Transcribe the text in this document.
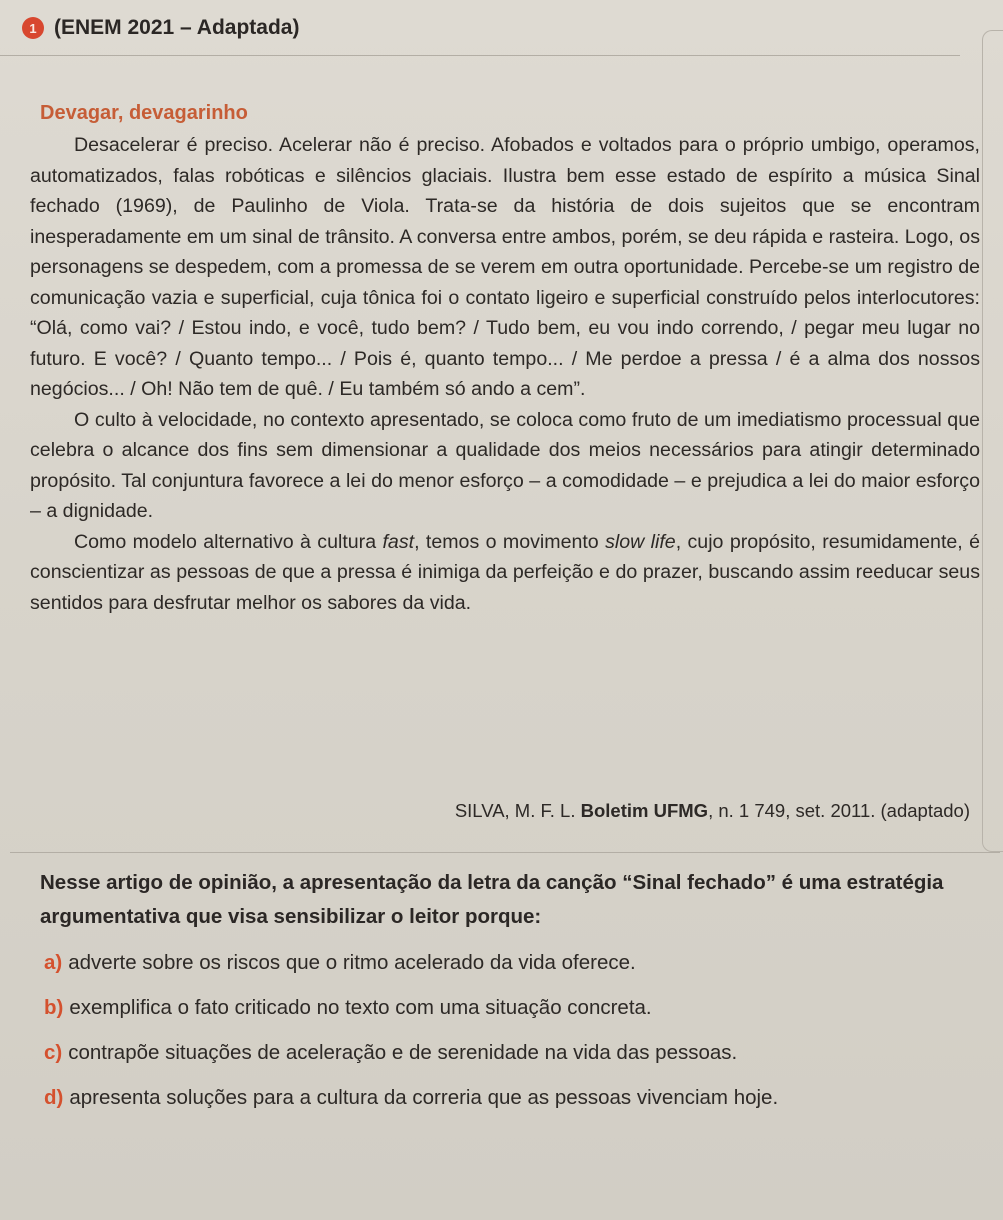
1 (ENEM 2021 – Adaptada)
Devagar, devagarinho

Desacelerar é preciso. Acelerar não é preciso. Afobados e voltados para o próprio umbigo, operamos, automatizados, falas robóticas e silêncios glaciais. Ilustra bem esse estado de espírito a música Sinal fechado (1969), de Paulinho de Viola. Trata-se da história de dois sujeitos que se encontram inesperadamente em um sinal de trânsito. A conversa entre ambos, porém, se deu rápida e rasteira. Logo, os personagens se despedem, com a promessa de se verem em outra oportunidade. Percebe-se um registro de comunicação vazia e superficial, cuja tônica foi o contato ligeiro e superficial construído pelos interlocutores: “Olá, como vai? / Estou indo, e você, tudo bem? / Tudo bem, eu vou indo correndo, / pegar meu lugar no futuro. E você? / Quanto tempo... / Pois é, quanto tempo... / Me perdoe a pressa / é a alma dos nossos negócios... / Oh! Não tem de quê. / Eu também só ando a cem”.

O culto à velocidade, no contexto apresentado, se coloca como fruto de um imediatismo processual que celebra o alcance dos fins sem dimensionar a qualidade dos meios necessários para atingir determinado propósito. Tal conjuntura favorece a lei do menor esforço – a comodidade – e prejudica a lei do maior esforço – a dignidade.

Como modelo alternativo à cultura fast, temos o movimento slow life, cujo propósito, resumidamente, é conscientizar as pessoas de que a pressa é inimiga da perfeição e do prazer, buscando assim reeducar seus sentidos para desfrutar melhor os sabores da vida.

SILVA, M. F. L. Boletim UFMG, n. 1 749, set. 2011. (adaptado)
Nesse artigo de opinião, a apresentação da letra da canção “Sinal fechado” é uma estratégia argumentativa que visa sensibilizar o leitor porque:
a) adverte sobre os riscos que o ritmo acelerado da vida oferece.
b) exemplifica o fato criticado no texto com uma situação concreta.
c) contrapõe situações de aceleração e de serenidade na vida das pessoas.
d) apresenta soluções para a cultura da correria que as pessoas vivenciam hoje.
